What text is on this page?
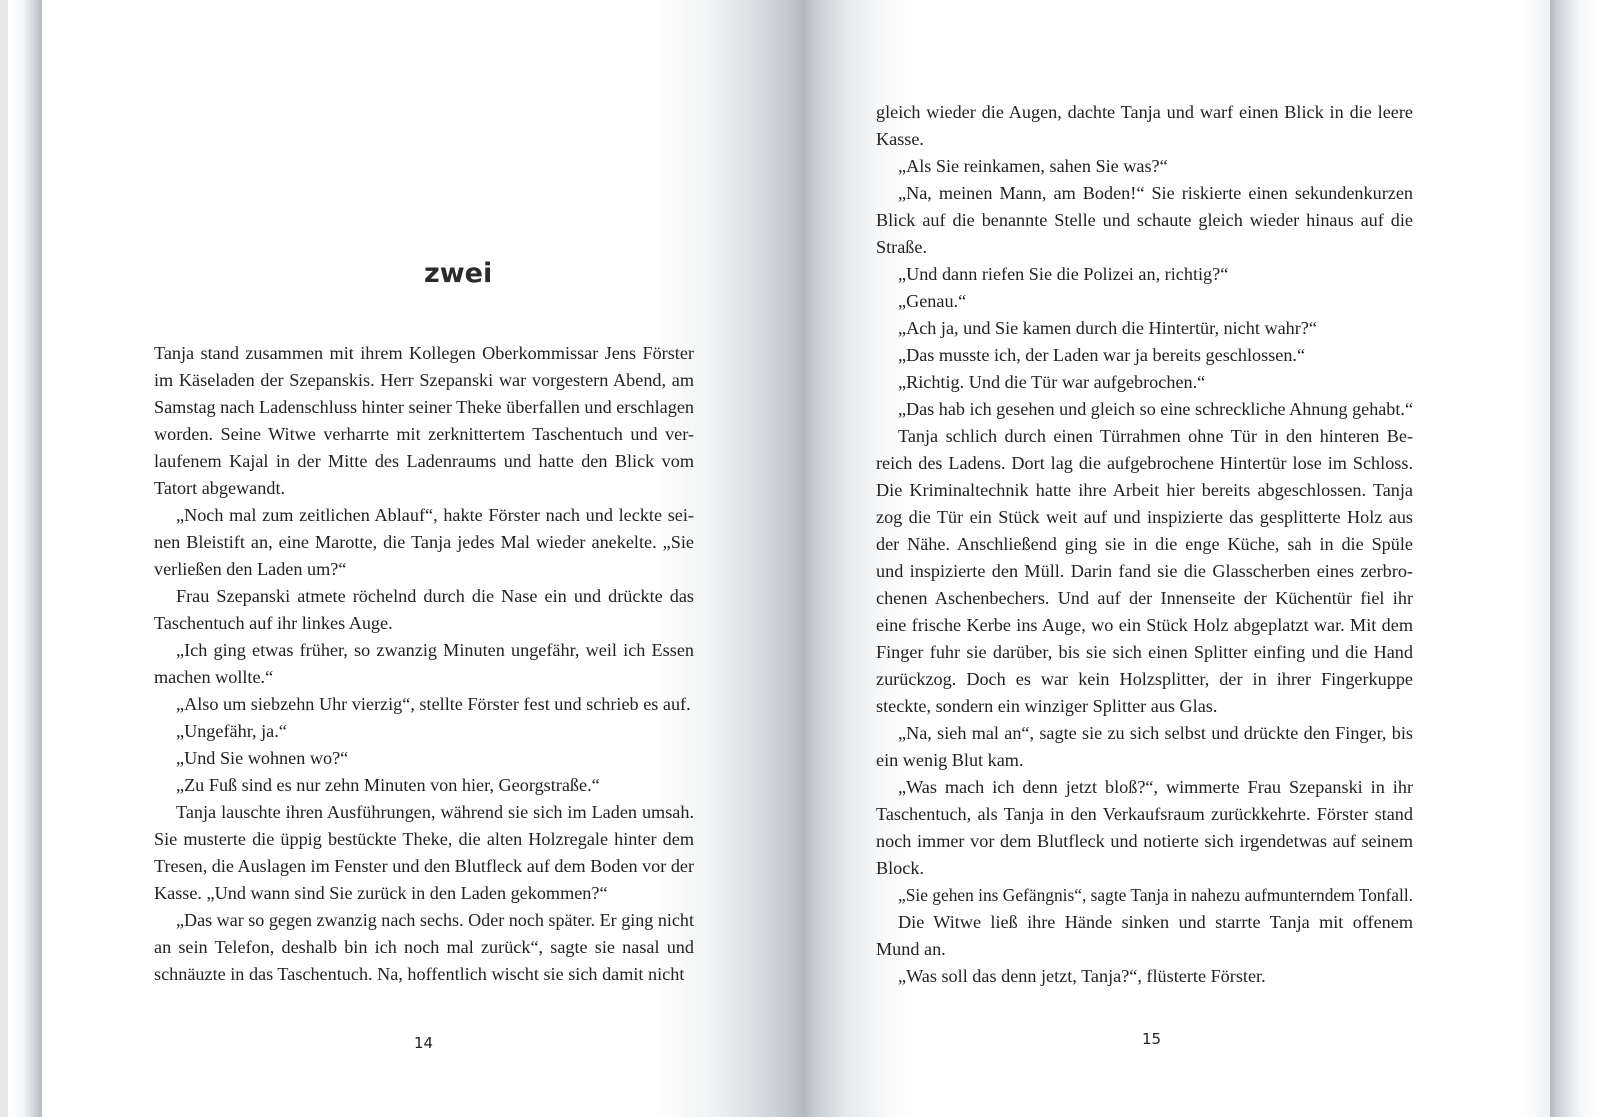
zwei
Tanja stand zusammen mit ihrem Kollegen Oberkommissar Jens Förster
im Käseladen der Szepanskis. Herr Szepanski war vorgestern Abend, am
Samstag nach Ladenschluss hinter seiner Theke überfallen und erschlagen
worden. Seine Witwe verharrte mit zerknittertem Taschentuch und ver-
laufenem Kajal in der Mitte des Ladenraums und hatte den Blick vom
Tatort abgewandt.
„Noch mal zum zeitlichen Ablauf“, hakte Förster nach und leckte sei-
nen Bleistift an, eine Marotte, die Tanja jedes Mal wieder anekelte. „Sie
verließen den Laden um?“
Frau Szepanski atmete röchelnd durch die Nase ein und drückte das
Taschentuch auf ihr linkes Auge.
„Ich ging etwas früher, so zwanzig Minuten ungefähr, weil ich Essen
machen wollte.“
„Also um siebzehn Uhr vierzig“, stellte Förster fest und schrieb es auf.
„Ungefähr, ja.“
„Und Sie wohnen wo?“
„Zu Fuß sind es nur zehn Minuten von hier, Georgstraße.“
Tanja lauschte ihren Ausführungen, während sie sich im Laden umsah.
Sie musterte die üppig bestückte Theke, die alten Holzregale hinter dem
Tresen, die Auslagen im Fenster und den Blutfleck auf dem Boden vor der
Kasse. „Und wann sind Sie zurück in den Laden gekommen?“
„Das war so gegen zwanzig nach sechs. Oder noch später. Er ging nicht
an sein Telefon, deshalb bin ich noch mal zurück“, sagte sie nasal und
schnäuzte in das Taschentuch. Na, hoffentlich wischt sie sich damit nicht
14
gleich wieder die Augen, dachte Tanja und warf einen Blick in die leere
Kasse.
„Als Sie reinkamen, sahen Sie was?“
„Na, meinen Mann, am Boden!“ Sie riskierte einen sekundenkurzen
Blick auf die benannte Stelle und schaute gleich wieder hinaus auf die
Straße.
„Und dann riefen Sie die Polizei an, richtig?“
„Genau.“
„Ach ja, und Sie kamen durch die Hintertür, nicht wahr?“
„Das musste ich, der Laden war ja bereits geschlossen.“
„Richtig. Und die Tür war aufgebrochen.“
„Das hab ich gesehen und gleich so eine schreckliche Ahnung gehabt.“
Tanja schlich durch einen Türrahmen ohne Tür in den hinteren Be-
reich des Ladens. Dort lag die aufgebrochene Hintertür lose im Schloss.
Die Kriminaltechnik hatte ihre Arbeit hier bereits abgeschlossen. Tanja
zog die Tür ein Stück weit auf und inspizierte das gesplitterte Holz aus
der Nähe. Anschließend ging sie in die enge Küche, sah in die Spüle
und inspizierte den Müll. Darin fand sie die Glasscherben eines zerbro-
chenen Aschenbechers. Und auf der Innenseite der Küchentür fiel ihr
eine frische Kerbe ins Auge, wo ein Stück Holz abgeplatzt war. Mit dem
Finger fuhr sie darüber, bis sie sich einen Splitter einfing und die Hand
zurückzog. Doch es war kein Holzsplitter, der in ihrer Fingerkuppe
steckte, sondern ein winziger Splitter aus Glas.
„Na, sieh mal an“, sagte sie zu sich selbst und drückte den Finger, bis
ein wenig Blut kam.
„Was mach ich denn jetzt bloß?“, wimmerte Frau Szepanski in ihr
Taschentuch, als Tanja in den Verkaufsraum zurückkehrte. Förster stand
noch immer vor dem Blutfleck und notierte sich irgendetwas auf seinem
Block.
„Sie gehen ins Gefängnis“, sagte Tanja in nahezu aufmunterndem Tonfall.
Die Witwe ließ ihre Hände sinken und starrte Tanja mit offenem
Mund an.
„Was soll das denn jetzt, Tanja?“, flüsterte Förster.
15
